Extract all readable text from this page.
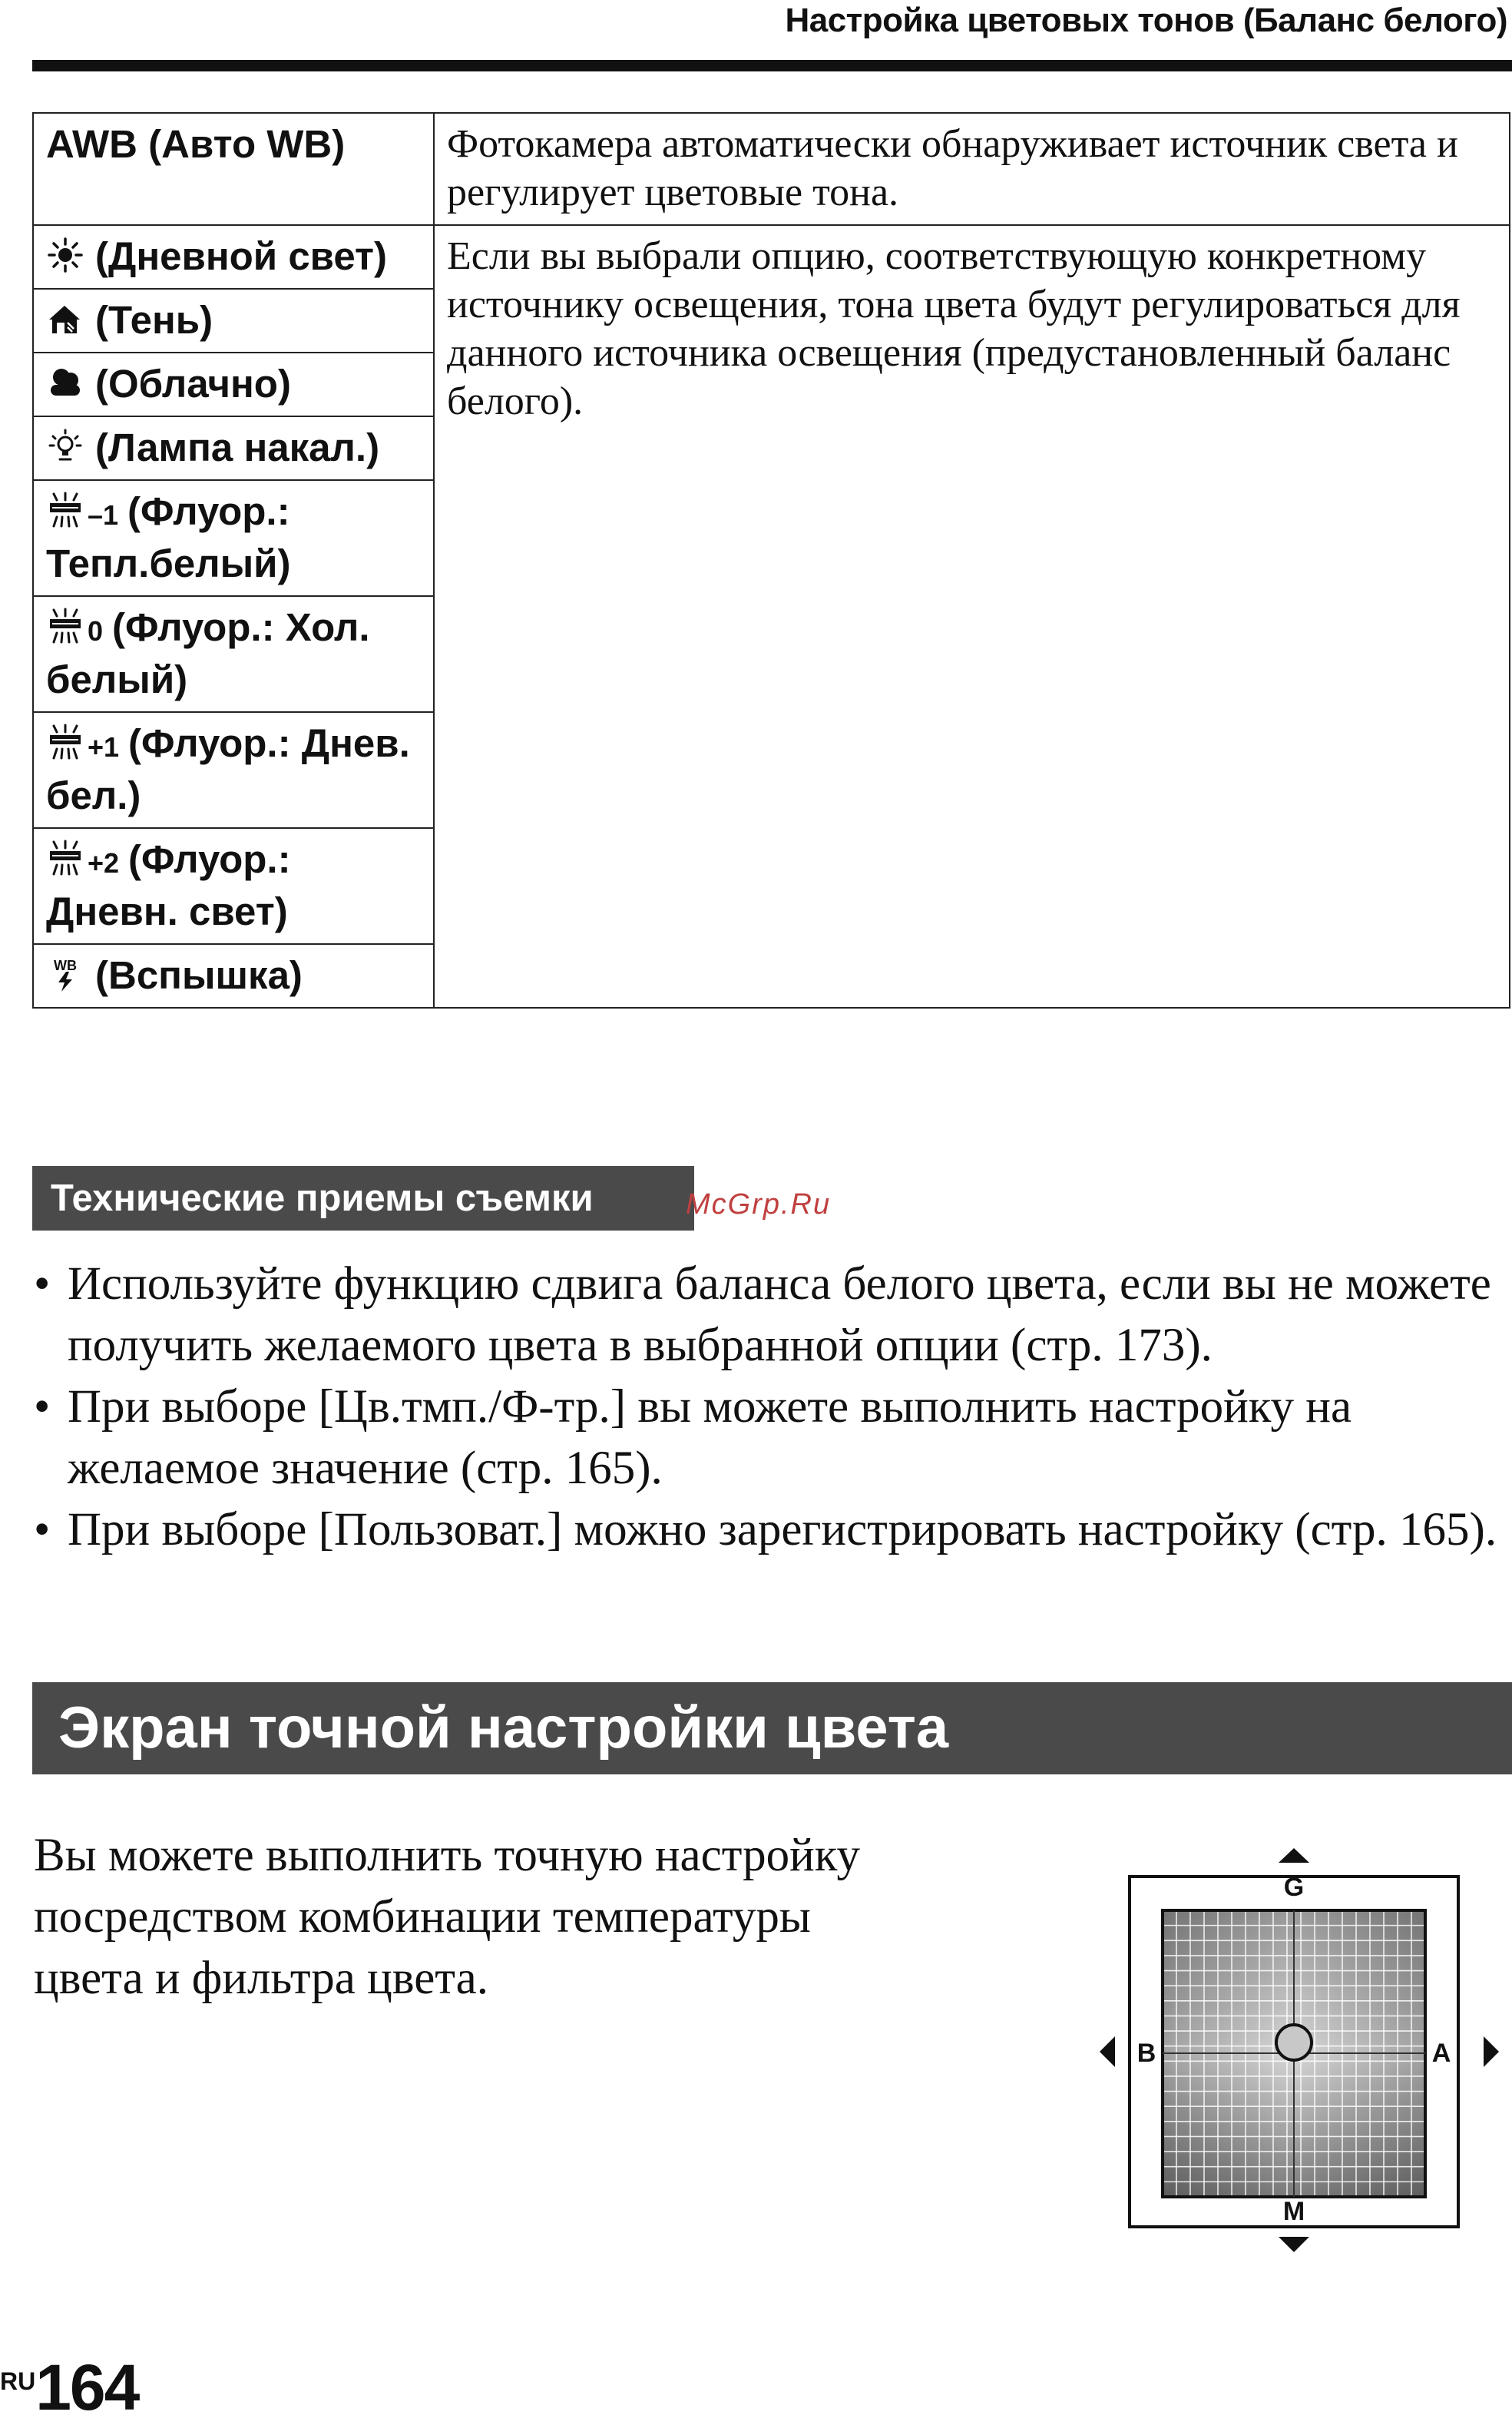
Настройка цветовых тонов (Баланс белого)
AWB (Авто WB)	Фотокамера автоматически обнаруживает источник света и регулирует цветовые тона.

(Дневной свет)	Если вы выбрали опцию, соответствующую конкретному источнику освещения, тона цвета будут регулироваться для данного источника освещения (предустановленный баланс белого).

(Тень)	

(Облачно)	

(Лампа накал.)	

–1 (Флуор.: Тепл.белый)	

0 (Флуор.: Хол. белый)	

+1 (Флуор.: Днев. бел.)	

+2 (Флуор.: Дневн. свет)	

WB (Вспышка)	
Технические приемы съемки	McGrp.Ru
• Используйте функцию сдвига баланса белого цвета, если вы не можете получить желаемого цвета в выбранной опции (стр. 173).
• При выборе [Цв.тмп./Ф-тр.] вы можете выполнить настройку на желаемое значение (стр. 165).
• При выборе [Пользоват.] можно зарегистрировать настройку (стр. 165).
Экран точной настройки цвета
Вы можете выполнить точную настройку посредством комбинации температуры цвета и фильтра цвета.
G
M
B	A
RU164
